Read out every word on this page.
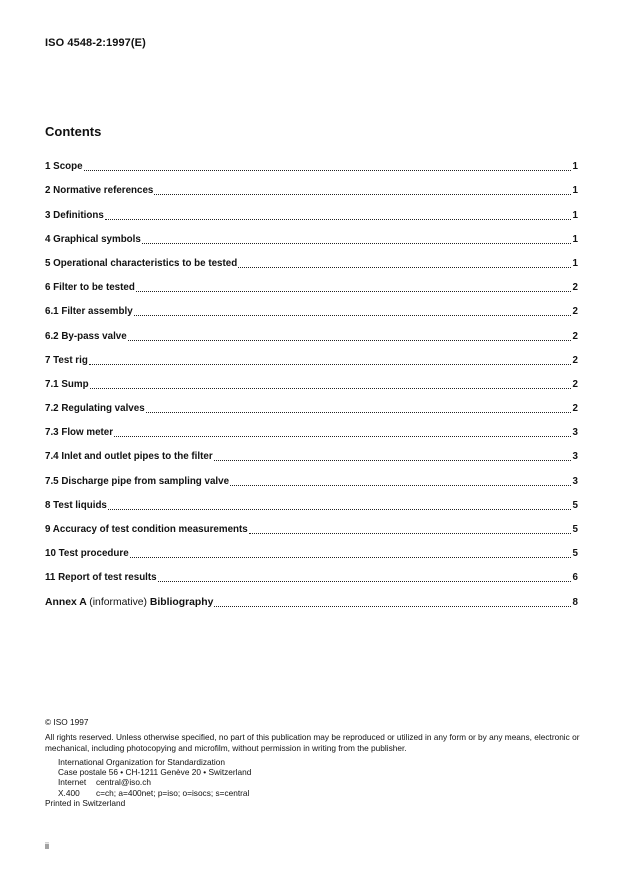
ISO 4548-2:1997(E)
Contents
1 Scope	1
2 Normative references	1
3 Definitions	1
4 Graphical symbols	1
5 Operational characteristics to be tested	1
6 Filter to be tested	2
6.1 Filter assembly	2
6.2 By-pass valve	2
7 Test rig	2
7.1 Sump	2
7.2 Regulating valves	2
7.3 Flow meter	3
7.4 Inlet and outlet pipes to the filter	3
7.5 Discharge pipe from sampling valve	3
8 Test liquids	5
9 Accuracy of test condition measurements	5
10 Test procedure	5
11 Report of test results	6
Annex A (informative) Bibliography	8
© ISO 1997
All rights reserved. Unless otherwise specified, no part of this publication may be reproduced or utilized in any form or by any means, electronic or mechanical, including photocopying and microfilm, without permission in writing from the publisher.
International Organization for Standardization
Case postale 56 • CH-1211 Genève 20 • Switzerland
Internet	central@iso.ch
X.400	c=ch; a=400net; p=iso; o=isocs; s=central
Printed in Switzerland
ii
